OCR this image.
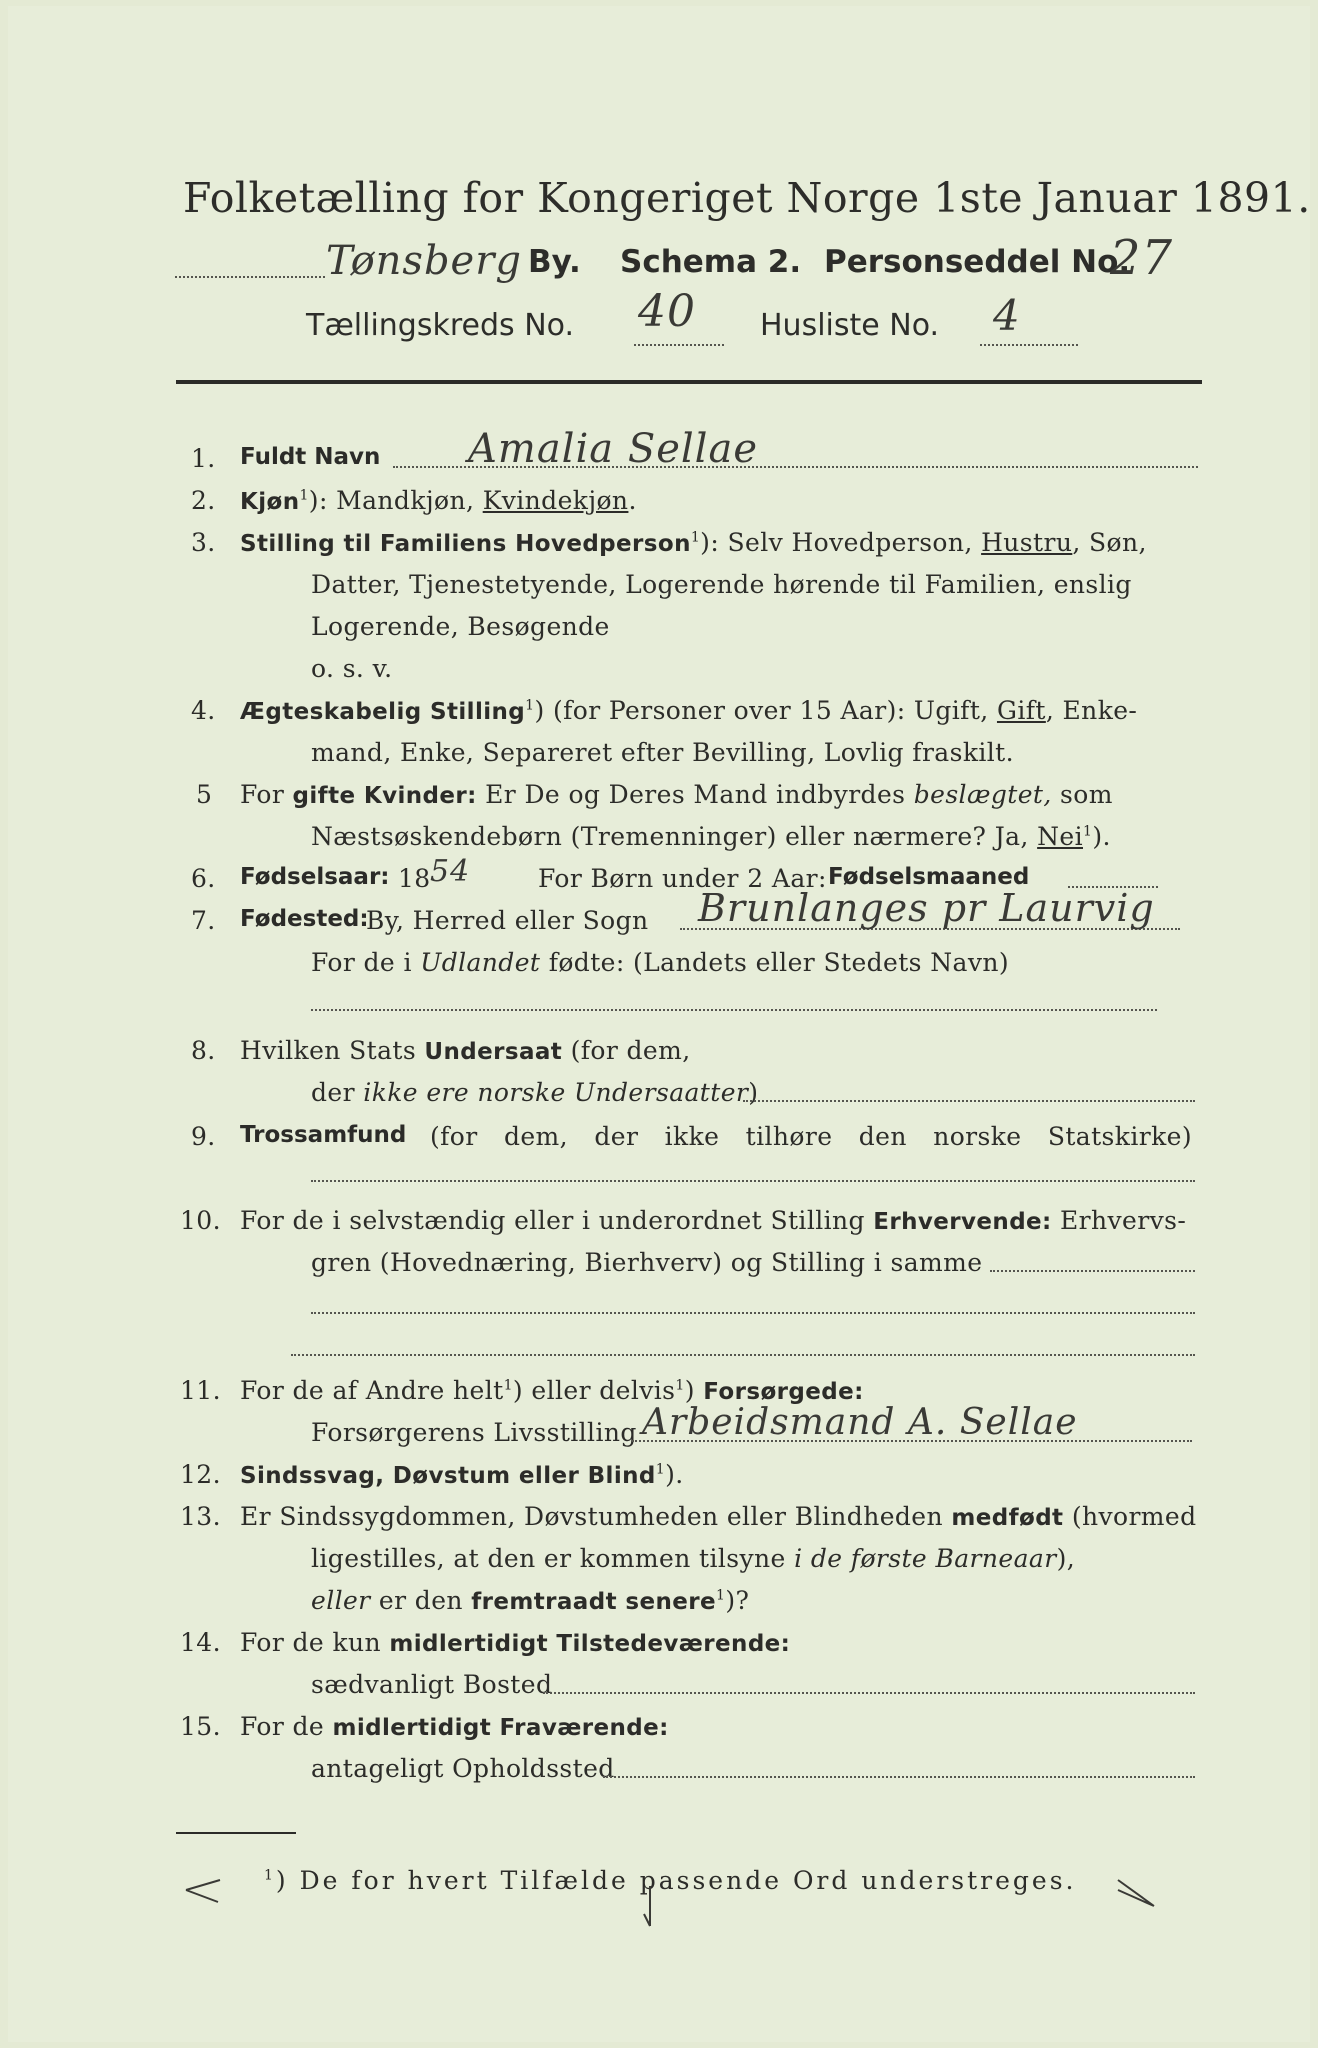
Folketælling for Kongeriget Norge 1ste Januar 1891.
Tønsberg By. Schema 2. Personseddel No.
27
Tællingskreds No. 40 Husliste No. 4
1. Fuldt Navn Amalia Sellae
2. Kjøn$^1$): Mandkjøn, Kvindekjøn.
3. Stilling til Familiens Hovedperson$^1$): Selv Hovedperson, Hustru, Søn,
Datter, Tjenestetyende, Logerende hørende til Familien, enslig
Logerende, Besøgende
o. s. v.
4. Ægteskabelig Stilling$^1$) (for Personer over 15 Aar): Ugift, Gift, Enke-
mand, Enke, Separeret efter Bevilling, Lovlig fraskilt.
5 For gifte Kvinder: Er De og Deres Mand indbyrdes beslægtet, som
Næstsøskendebørn (Tremenninger) eller nærmere? Ja, Nei$^1$).
6. Fødselsaar: 18 54	For Børn under 2 Aar: Fødselsmaaned
7. Fødested:
By, Herred eller Sogn Brunlanges pr Laurvig
For de i Udlandet fødte: (Landets eller Stedets Navn)
8. Hvilken Stats Undersaat (for dem,
der ikke ere norske Undersaatter)
9. Trossamfund (for dem, der ikke tilhøre den norske Statskirke)
10. For de i selvstændig eller i underordnet Stilling Erhvervende: Erhvervs-
gren (Hovednæring, Bierhverv) og Stilling i samme
11. For de af Andre helt$^1$) eller delvis$^1$) Forsørgede:
Forsørgerens Livsstilling Arbeidsmand A. Sellae
12. Sindssvag, Døvstum eller Blind$^1$).
13. Er Sindssygdommen, Døvstumheden eller Blindheden medfødt (hvormed
ligestilles, at den er kommen tilsyne i de første Barneaar),
eller er den fremtraadt senere$^1$)?
14. For de kun midlertidigt Tilstedeværende:
sædvanligt Bosted
15. For de midlertidigt Fraværende:
antageligt Opholdssted
$^1$) De for hvert Tilfælde passende Ord understreges.
